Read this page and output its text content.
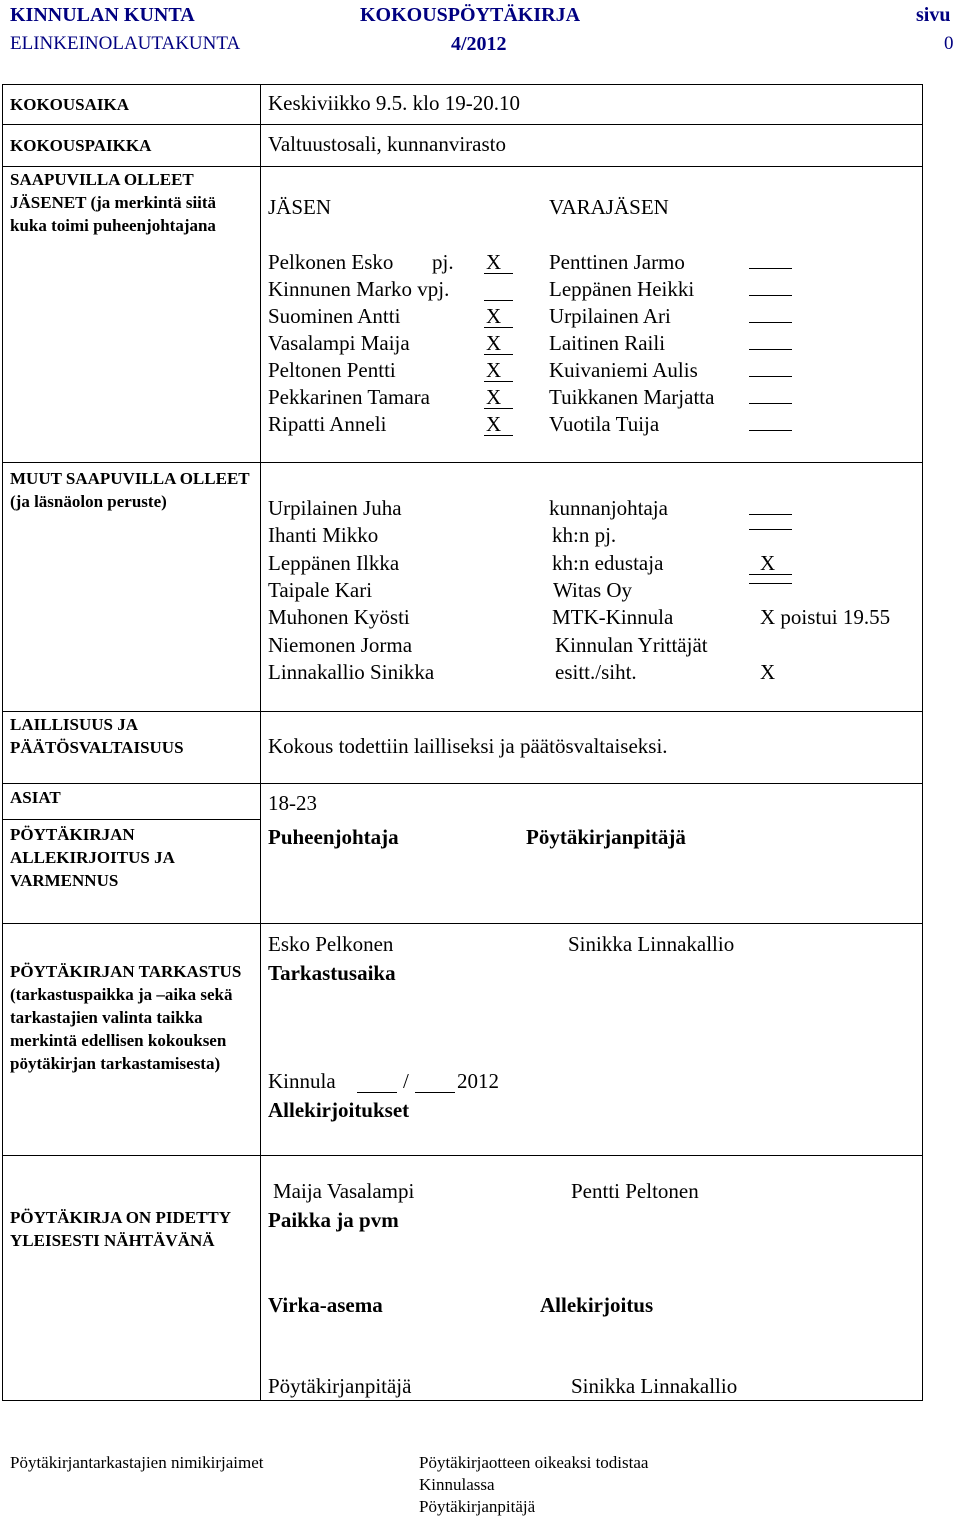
KINNULAN KUNTA	KOKOUSPÖYTÄKIRJA	sivu
ELINKEINOLAUTAKUNTA	4/2012	0
KOKOUSAIKA	Keskiviikko 9.5. klo 19-20.10
KOKOUSPAIKKA	Valtuustosali, kunnanvirasto
SAAPUVILLA OLLEET JÄSENET (ja merkintä siitä kuka toimi puheenjohtajana
JÄSEN	VARAJÄSEN
Pelkonen Esko pj. X Penttinen Jarmo
Kinnunen Marko vpj.	Leppänen Heikki
Suominen Antti	X Urpilainen Ari
Vasalampi Maija	X Laitinen Raili
Peltonen Pentti	X Kuivaniemi Aulis
Pekkarinen Tamara	X Tuikkanen Marjatta
Ripatti Anneli	X Vuotila Tuija
MUUT SAAPUVILLA OLLEET (ja läsnäolon peruste)	Urpilainen Juha	kunnanjohtaja
Ihanti Mikko	kh:n pj.
Leppänen Ilkka	kh:n edustaja	X
Taipale Kari	Witas Oy
Muhonen Kyösti	MTK-Kinnula	X poistui 19.55
Niemonen Jorma	Kinnulan Yrittäjät
Linnakallio Sinikka	esitt./siht.	X
LAILLISUUS JA PÄÄTÖSVALTAISUUS	Kokous todettiin lailliseksi ja päätösvaltaiseksi.
ASIAT	18-23
PÖYTÄKIRJAN ALLEKIRJOITUS JA VARMENNUS
Puheenjohtaja	Pöytäkirjanpitäjä
Esko Pelkonen	Sinikka Linnakallio
PÖYTÄKIRJAN TARKASTUS (tarkastuspaikka ja –aika sekä tarkastajien valinta taikka merkintä edellisen kokouksen pöytäkirjan tarkastamisesta)
Tarkastusaika
Kinnula	/ 2012
Allekirjoitukset
Maija Vasalampi	Pentti Peltonen
PÖYTÄKIRJA ON PIDETTY YLEISESTI NÄHTÄVÄNÄ
Paikka ja pvm
Virka-asema	Allekirjoitus
Pöytäkirjanpitäjä	Sinikka Linnakallio
Pöytäkirjantarkastajien nimikirjaimet	Pöytäkirjaotteen oikeaksi todistaa
Kinnulassa
Pöytäkirjanpitäjä
